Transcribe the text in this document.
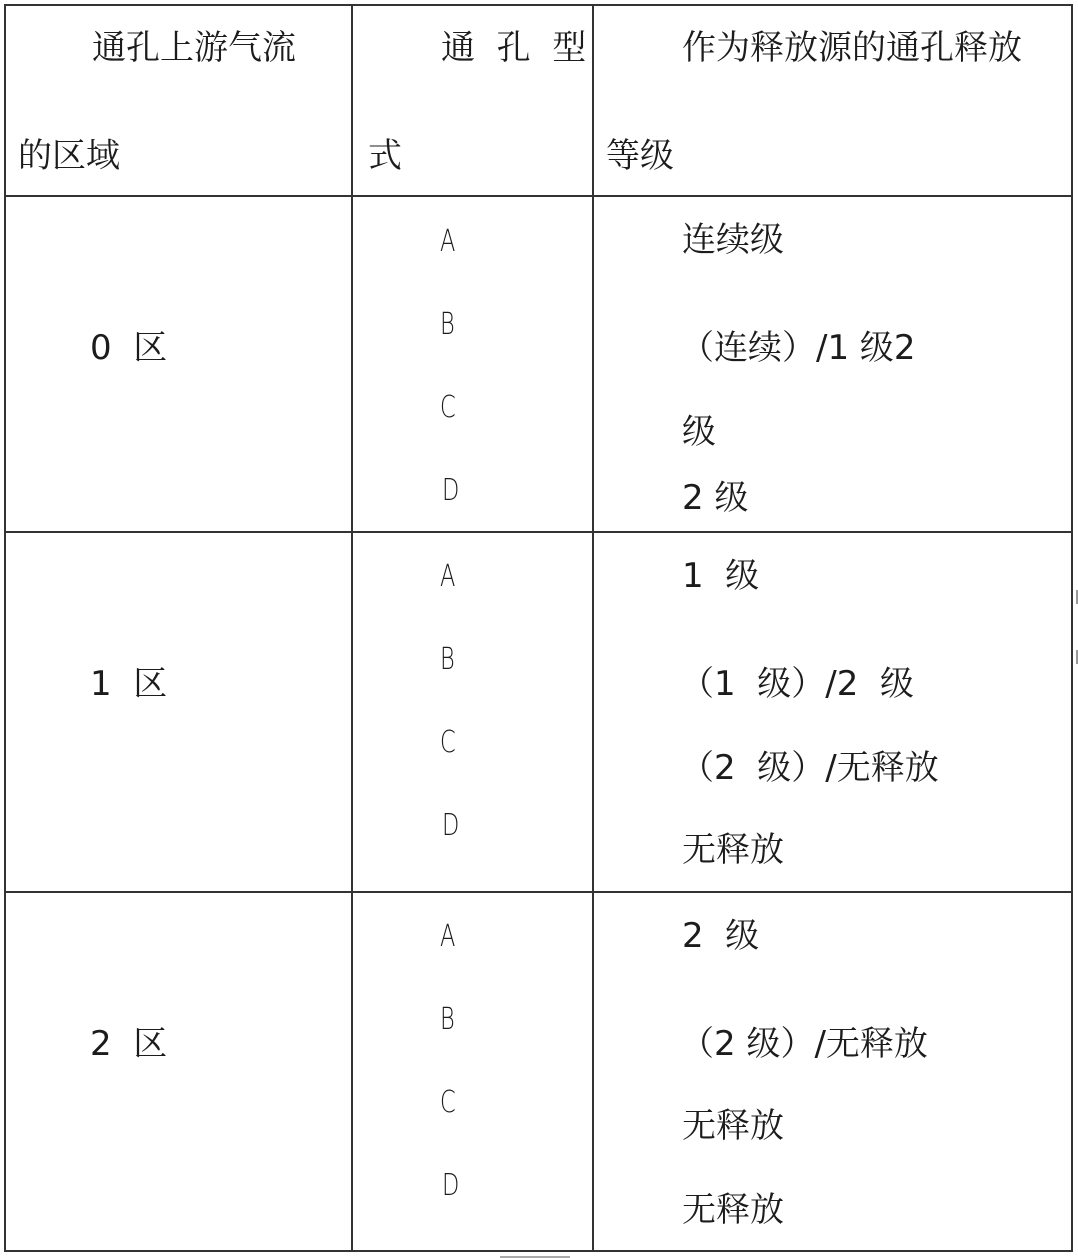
通孔上游气流
的区域
通  孔  型
式
作为释放源的通孔释放
等级
0  区
A
B
C
D
连续级
（连续）/1 级2
级
2 级
1  区
A
B
C
D
1  级
（1  级）/2  级
（2  级）/无释放
无释放
2  区
A
B
C
D
2  级
（2 级）/无释放
无释放
无释放
